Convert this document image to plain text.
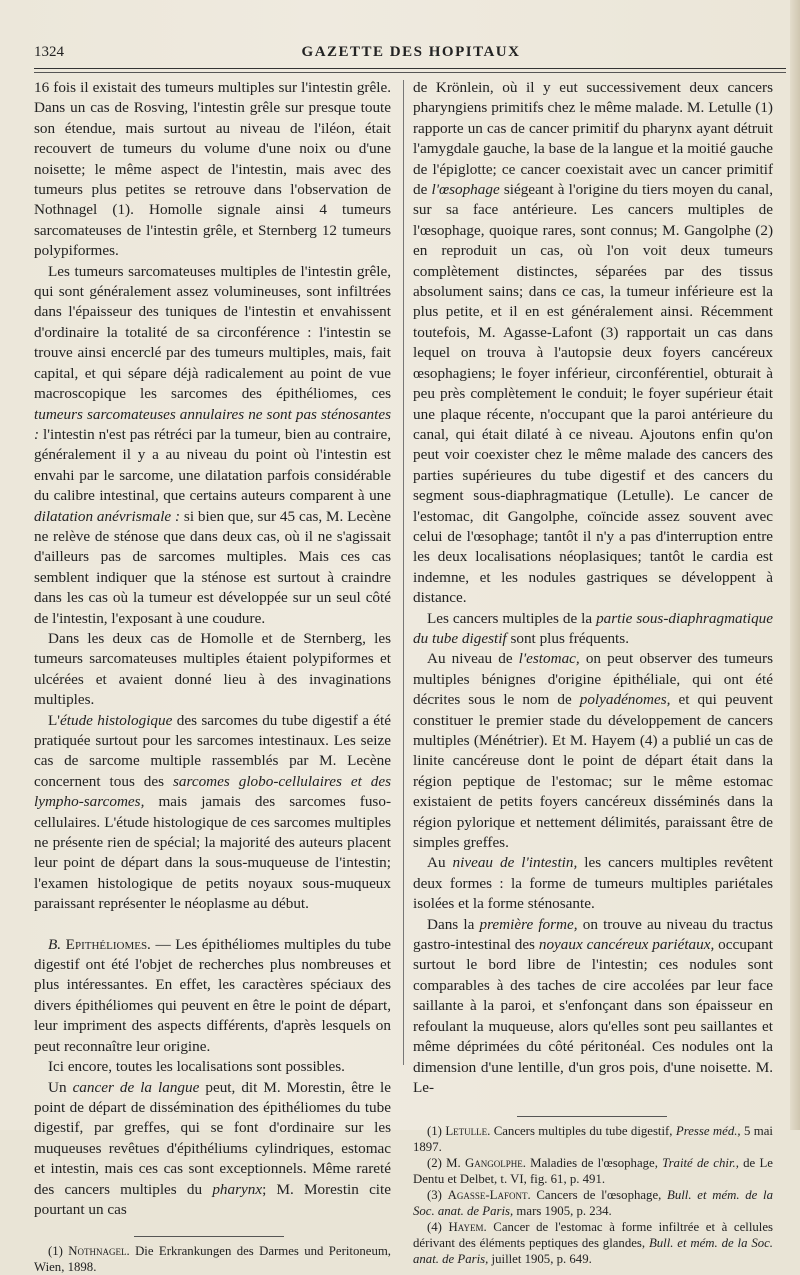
1324	GAZETTE DES HOPITAUX

16 fois il existait des tumeurs multiples sur l'intestin grêle. Dans un cas de Rosving, l'intestin grêle sur presque toute son étendue, mais surtout au niveau de l'iléon, était recouvert de tumeurs du volume d'une noix ou d'une noisette; le même aspect de l'intestin, mais avec des tumeurs plus petites se retrouve dans l'observation de Nothnagel (1). Homolle signale ainsi 4 tumeurs sarcomateuses de l'intestin grêle, et Sternberg 12 tumeurs polypiformes.

Les tumeurs sarcomateuses multiples de l'intestin grêle, qui sont généralement assez volumineuses, sont infiltrées dans l'épaisseur des tuniques de l'intestin et envahissent d'ordinaire la totalité de sa circonférence : l'intestin se trouve ainsi encerclé par des tumeurs multiples, mais, fait capital, et qui sépare déjà radicalement au point de vue macroscopique les sarcomes des épithéliomes, ces tumeurs sarcomateuses annulaires ne sont pas sténosantes : l'intestin n'est pas rétréci par la tumeur, bien au contraire, généralement il y a au niveau du point où l'intestin est envahi par le sarcome, une dilatation parfois considérable du calibre intestinal, que certains auteurs comparent à une dilatation anévrismale : si bien que, sur 45 cas, M. Lecène ne relève de sténose que dans deux cas, où il ne s'agissait d'ailleurs pas de sarcomes multiples. Mais ces cas semblent indiquer que la sténose est surtout à craindre dans les cas où la tumeur est développée sur un seul côté de l'intestin, l'exposant à une coudure.

Dans les deux cas de Homolle et de Sternberg, les tumeurs sarcomateuses multiples étaient polypiformes et ulcérées et avaient donné lieu à des invaginations multiples.

L'étude histologique des sarcomes du tube digestif a été pratiquée surtout pour les sarcomes intestinaux. Les seize cas de sarcome multiple rassemblés par M. Lecène concernent tous des sarcomes globo-cellulaires et des lympho-sarcomes, mais jamais des sarcomes fuso-cellulaires. L'étude histologique de ces sarcomes multiples ne présente rien de spécial; la majorité des auteurs placent leur point de départ dans la sous-muqueuse de l'intestin; l'examen histologique de petits noyaux sous-muqueux paraissant représenter le néoplasme au début.

B. Epithéliomes. — Les épithéliomes multiples du tube digestif ont été l'objet de recherches plus nombreuses et plus intéressantes. En effet, les caractères spéciaux des divers épithéliomes qui peuvent en être le point de départ, leur impriment des aspects différents, d'après lesquels on peut reconnaître leur origine.

Ici encore, toutes les localisations sont possibles.

Un cancer de la langue peut, dit M. Morestin, être le point de départ de dissémination des épithéliomes du tube digestif, par greffes, qui se font d'ordinaire sur les muqueuses revêtues d'épithéliums cylindriques, estomac et intestin, mais ces cas sont exceptionnels. Même rareté des cancers multiples du pharynx; M. Morestin cite pourtant un cas

(1) Nothnagel. Die Erkrankungen des Darmes und Peritoneum, Wien, 1898.

de Krönlein, où il y eut successivement deux cancers pharyngiens primitifs chez le même malade. M. Letulle (1) rapporte un cas de cancer primitif du pharynx ayant détruit l'amygdale gauche, la base de la langue et la moitié gauche de l'épiglotte; ce cancer coexistait avec un cancer primitif de l'œsophage siégeant à l'origine du tiers moyen du canal, sur sa face antérieure. Les cancers multiples de l'œsophage, quoique rares, sont connus; M. Gangolphe (2) en reproduit un cas, où l'on voit deux tumeurs complètement distinctes, séparées par des tissus absolument sains; dans ce cas, la tumeur inférieure est la plus petite, et il en est généralement ainsi. Récemment toutefois, M. Agasse-Lafont (3) rapportait un cas dans lequel on trouva à l'autopsie deux foyers cancéreux œsophagiens; le foyer inférieur, circonférentiel, obturait à peu près complètement le conduit; le foyer supérieur était une plaque récente, n'occupant que la paroi antérieure du canal, qui était dilaté à ce niveau. Ajoutons enfin qu'on peut voir coexister chez le même malade des cancers des parties supérieures du tube digestif et des cancers du segment sous-diaphragmatique (Letulle). Le cancer de l'estomac, dit Gangolphe, coïncide assez souvent avec celui de l'œsophage; tantôt il n'y a pas d'interruption entre les deux localisations néoplasiques; tantôt le cardia est indemne, et les nodules gastriques se développent à distance.

Les cancers multiples de la partie sous-diaphragmatique du tube digestif sont plus fréquents.

Au niveau de l'estomac, on peut observer des tumeurs multiples bénignes d'origine épithéliale, qui ont été décrites sous le nom de polyadénomes, et qui peuvent constituer le premier stade du développement de cancers multiples (Ménétrier). Et M. Hayem (4) a publié un cas de linite cancéreuse dont le point de départ était dans la région peptique de l'estomac; sur le même estomac existaient de petits foyers cancéreux disséminés dans la région pylorique et nettement délimités, paraissant être de simples greffes.

Au niveau de l'intestin, les cancers multiples revêtent deux formes : la forme de tumeurs multiples pariétales isolées et la forme sténosante.

Dans la première forme, on trouve au niveau du tractus gastro-intestinal des noyaux cancéreux pariétaux, occupant surtout le bord libre de l'intestin; ces nodules sont comparables à des taches de cire accolées par leur face saillante à la paroi, et s'enfonçant dans son épaisseur en refoulant la muqueuse, alors qu'elles sont peu saillantes et même déprimées du côté péritonéal. Ces nodules ont la dimension d'une lentille, d'un gros pois, d'une noisette. M. Le-

(1) Letulle. Cancers multiples du tube digestif, Presse méd., 5 mai 1897.

(2) M. Gangolphe. Maladies de l'œsophage, Traité de chir., de Le Dentu et Delbet, t. VI, fig. 61, p. 491.

(3) Agasse-Lafont. Cancers de l'œsophage, Bull. et mém. de la Soc. anat. de Paris, mars 1905, p. 234.

(4) Hayem. Cancer de l'estomac à forme infiltrée et à cellules dérivant des éléments peptiques des glandes, Bull. et mém. de la Soc. anat. de Paris, juillet 1905, p. 649.
